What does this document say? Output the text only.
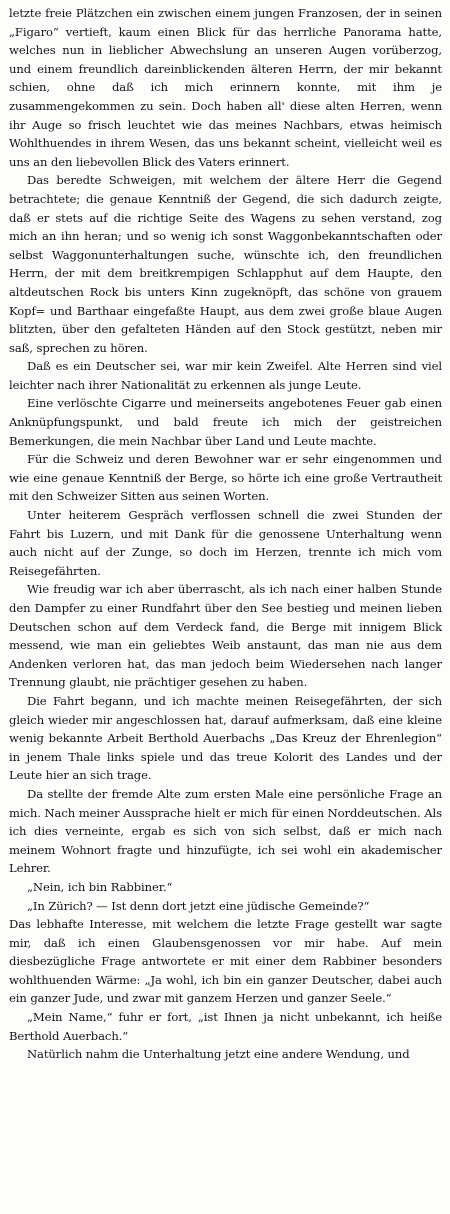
letzte freie Plätzchen ein zwischen einem jungen Franzosen, der in seinen „Figaro“ vertieft, kaum einen Blick für das herrliche Panorama hatte, welches nun in lieblicher Abwechslung an unseren Augen vorüberzog, und einem freundlich dareinblickenden älteren Herrn, der mir bekannt schien, ohne daß ich mich erinnern konnte, mit ihm je zusammengekommen zu sein. Doch haben all' diese alten Herren, wenn ihr Auge so frisch leuchtet wie das meines Nachbars, etwas heimisch Wohlthuendes in ihrem Wesen, das uns bekannt scheint, vielleicht weil es uns an den liebevollen Blick des Vaters erinnert.

Das beredte Schweigen, mit welchem der ältere Herr die Gegend betrachtete; die genaue Kenntniß der Gegend, die sich dadurch zeigte, daß er stets auf die richtige Seite des Wagens zu sehen verstand, zog mich an ihn heran; und so wenig ich sonst Waggonbekanntschaften oder selbst Waggonunterhaltungen suche, wünschte ich, den freundlichen Herrn, der mit dem breitkrempigen Schlapphut auf dem Haupte, den altdeutschen Rock bis unters Kinn zugeknöpft, das schöne von grauem Kopf= und Barthaar eingefaßte Haupt, aus dem zwei große blaue Augen blitzten, über den gefalteten Händen auf den Stock gestützt, neben mir saß, sprechen zu hören.

Daß es ein Deutscher sei, war mir kein Zweifel. Alte Herren sind viel leichter nach ihrer Nationalität zu erkennen als junge Leute.

Eine verlöschte Cigarre und meinerseits angebotenes Feuer gab einen Anknüpfungspunkt, und bald freute ich mich der geistreichen Bemerkungen, die mein Nachbar über Land und Leute machte.

Für die Schweiz und deren Bewohner war er sehr eingenommen und wie eine genaue Kenntniß der Berge, so hörte ich eine große Vertrautheit mit den Schweizer Sitten aus seinen Worten.

Unter heiterem Gespräch verflossen schnell die zwei Stunden der Fahrt bis Luzern, und mit Dank für die genossene Unterhaltung wenn auch nicht auf der Zunge, so doch im Herzen, trennte ich mich vom Reisegefährten.

Wie freudig war ich aber überrascht, als ich nach einer halben Stunde den Dampfer zu einer Rundfahrt über den See bestieg und meinen lieben Deutschen schon auf dem Verdeck fand, die Berge mit innigem Blick messend, wie man ein geliebtes Weib anstaunt, das man nie aus dem Andenken verloren hat, das man jedoch beim Wiedersehen nach langer Trennung glaubt, nie prächtiger gesehen zu haben.

Die Fahrt begann, und ich machte meinen Reisegefährten, der sich gleich wieder mir angeschlossen hat, darauf aufmerksam, daß eine kleine wenig bekannte Arbeit Berthold Auerbachs „Das Kreuz der Ehrenlegion“ in jenem Thale links spiele und das treue Kolorit des Landes und der Leute hier an sich trage.

Da stellte der fremde Alte zum ersten Male eine persönliche Frage an mich. Nach meiner Aussprache hielt er mich für einen Norddeutschen. Als ich dies verneinte, ergab es sich von sich selbst, daß er mich nach meinem Wohnort fragte und hinzufügte, ich sei wohl ein akademischer Lehrer.

„Nein, ich bin Rabbiner.“

„In Zürich? — Ist denn dort jetzt eine jüdische Gemeinde?“

Das lebhafte Interesse, mit welchem die letzte Frage gestellt war sagte mir, daß ich einen Glaubensgenossen vor mir habe. Auf mein diesbezügliche Frage antwortete er mit einer dem Rabbiner besonders wohlthuenden Wärme: „Ja wohl, ich bin ein ganzer Deutscher, dabei auch ein ganzer Jude, und zwar mit ganzem Herzen und ganzer Seele.“

„Mein Name,“ fuhr er fort, „ist Ihnen ja nicht unbekannt, ich heiße Berthold Auerbach.“

Natürlich nahm die Unterhaltung jetzt eine andere Wendung, und
